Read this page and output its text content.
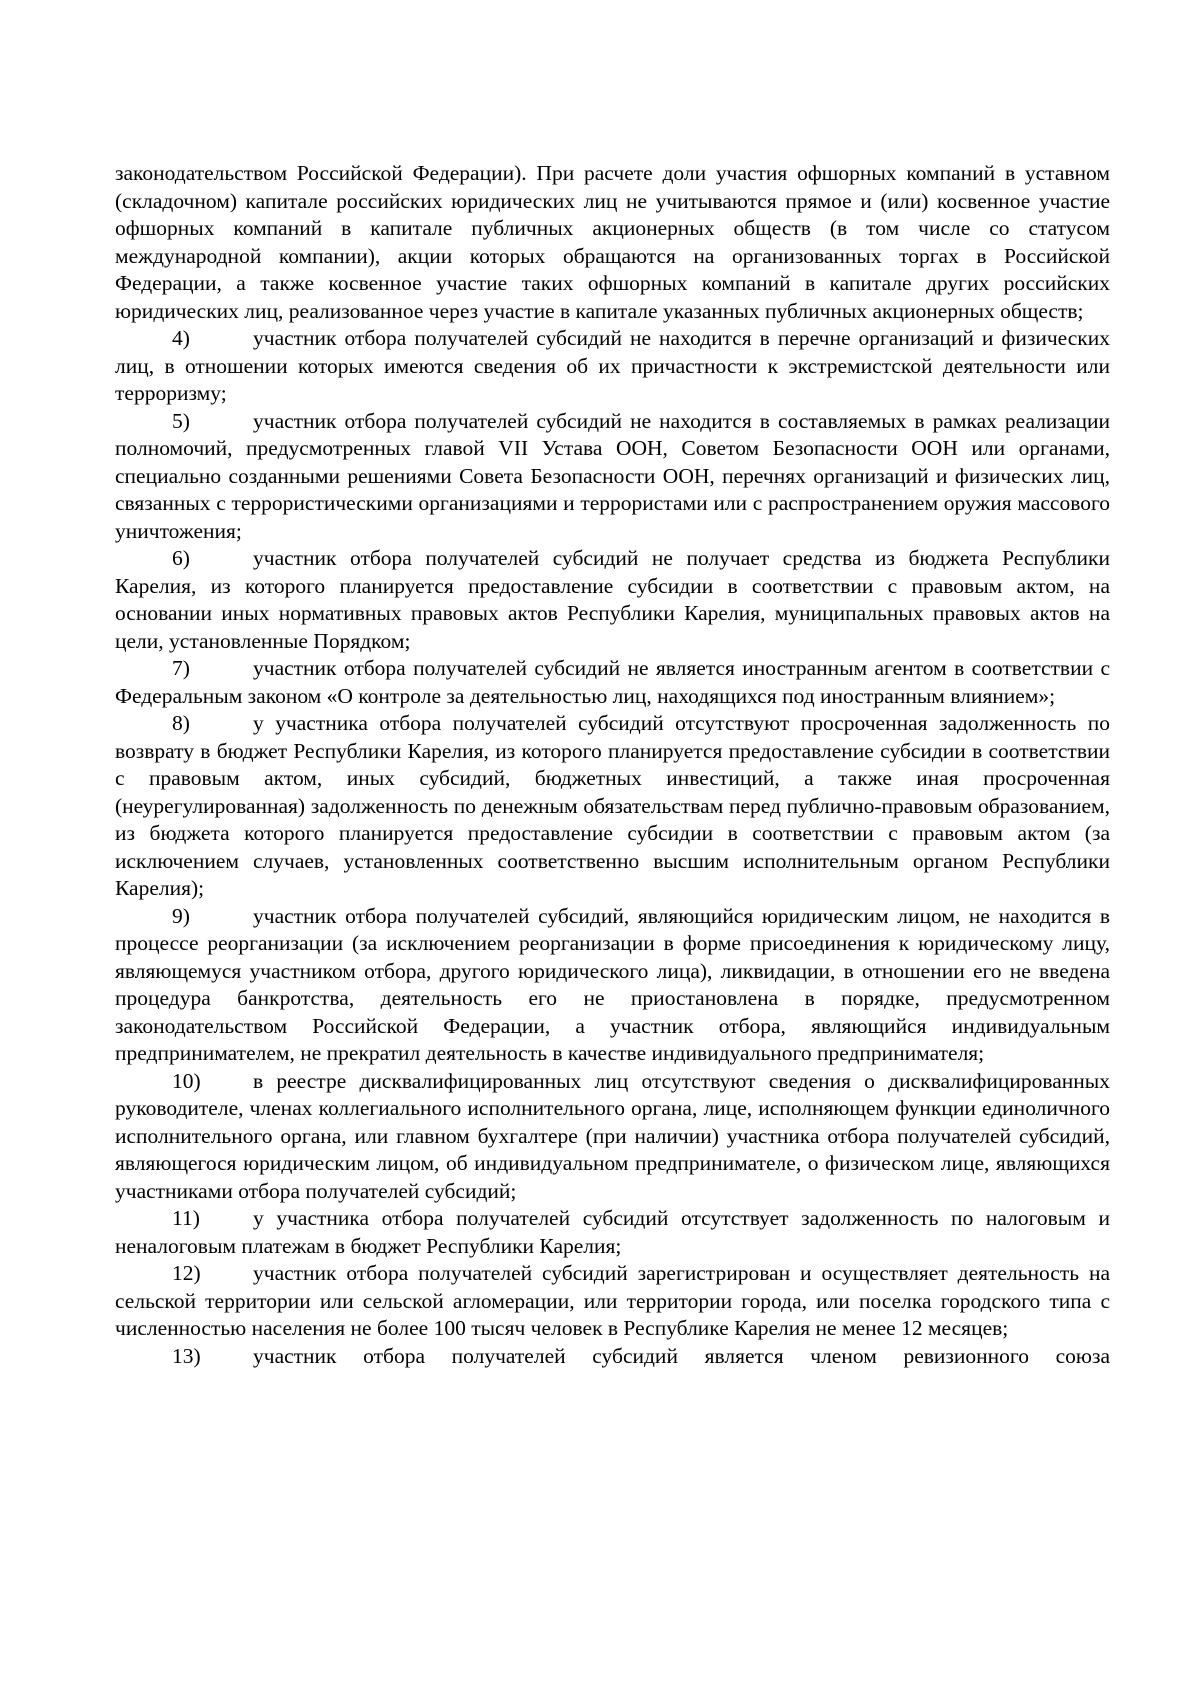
законодательством Российской Федерации). При расчете доли участия офшорных компаний в уставном (складочном) капитале российских юридических лиц не учитываются прямое и (или) косвенное участие офшорных компаний в капитале публичных акционерных обществ (в том числе со статусом международной компании), акции которых обращаются на организованных торгах в Российской Федерации, а также косвенное участие таких офшорных компаний в капитале других российских юридических лиц, реализованное через участие в капитале указанных публичных акционерных обществ;

4)	участник отбора получателей субсидий не находится в перечне организаций и физических лиц, в отношении которых имеются сведения об их причастности к экстремистской деятельности или терроризму;

5)	участник отбора получателей субсидий не находится в составляемых в рамках реализации полномочий, предусмотренных главой VII Устава ООН, Советом Безопасности ООН или органами, специально созданными решениями Совета Безопасности ООН, перечнях организаций и физических лиц, связанных с террористическими организациями и террористами или с распространением оружия массового уничтожения;

6)	участник отбора получателей субсидий не получает средства из бюджета Республики Карелия, из которого планируется предоставление субсидии в соответствии с правовым актом, на основании иных нормативных правовых актов Республики Карелия, муниципальных правовых актов на цели, установленные Порядком;

7)	участник отбора получателей субсидий не является иностранным агентом в соответствии с Федеральным законом «О контроле за деятельностью лиц, находящихся под иностранным влиянием»;

8)	у участника отбора получателей субсидий отсутствуют просроченная задолженность по возврату в бюджет Республики Карелия, из которого планируется предоставление субсидии в соответствии с правовым актом, иных субсидий, бюджетных инвестиций, а также иная просроченная (неурегулированная) задолженность по денежным обязательствам перед публично-правовым образованием, из бюджета которого планируется предоставление субсидии в соответствии с правовым актом (за исключением случаев, установленных соответственно высшим исполнительным органом Республики Карелия);

9)	участник отбора получателей субсидий, являющийся юридическим лицом, не находится в процессе реорганизации (за исключением реорганизации в форме присоединения к юридическому лицу, являющемуся участником отбора, другого юридического лица), ликвидации, в отношении его не введена процедура банкротства, деятельность его не приостановлена в порядке, предусмотренном законодательством Российской Федерации, а участник отбора, являющийся индивидуальным предпринимателем, не прекратил деятельность в качестве индивидуального предпринимателя;

10) в реестре дисквалифицированных лиц отсутствуют сведения о дисквалифицированных руководителе, членах коллегиального исполнительного органа, лице, исполняющем функции единоличного исполнительного органа, или главном бухгалтере (при наличии) участника отбора получателей субсидий, являющегося юридическим лицом, об индивидуальном предпринимателе, о физическом лице, являющихся участниками отбора получателей субсидий;

11) у участника отбора получателей субсидий отсутствует задолженность по налоговым и неналоговым платежам в бюджет Республики Карелия;

12) участник отбора получателей субсидий зарегистрирован и осуществляет деятельность на сельской территории или сельской агломерации, или территории города, или поселка городского типа с численностью населения не более 100 тысяч человек в Республике Карелия не менее 12 месяцев;

13) участник отбора получателей субсидий является членом ревизионного союза
